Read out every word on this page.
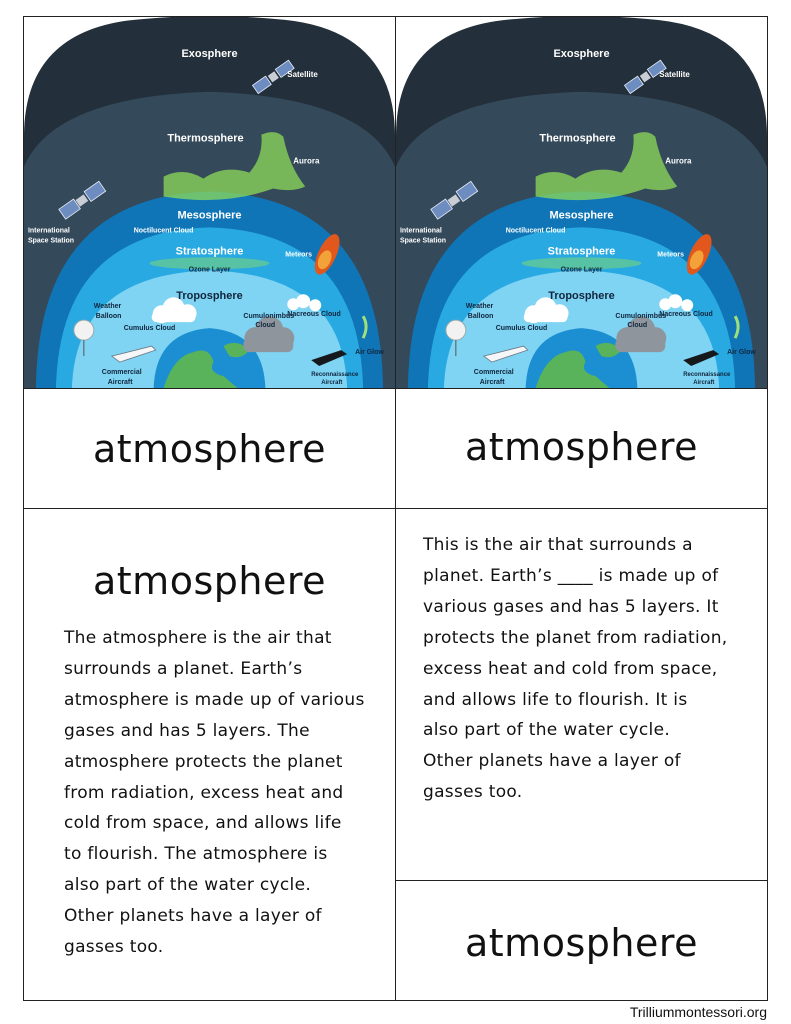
atmosphere	atmosphere
atmosphere
The atmosphere is the air that
surrounds a planet. Earth’s
atmosphere is made up of various
gases and has 5 layers. The
atmosphere protects the planet
from radiation, excess heat and
cold from space, and allows life
to flourish. The atmosphere is
also part of the water cycle.
Other planets have a layer of
gasses too.
This is the air that surrounds a
planet. Earth’s ____ is made up of
various gases and has 5 layers. It
protects the planet from radiation,
excess heat and cold from space,
and allows life to flourish. It is
also part of the water cycle.
Other planets have a layer of
gasses too.
atmosphere
Trilliummontessori.org
